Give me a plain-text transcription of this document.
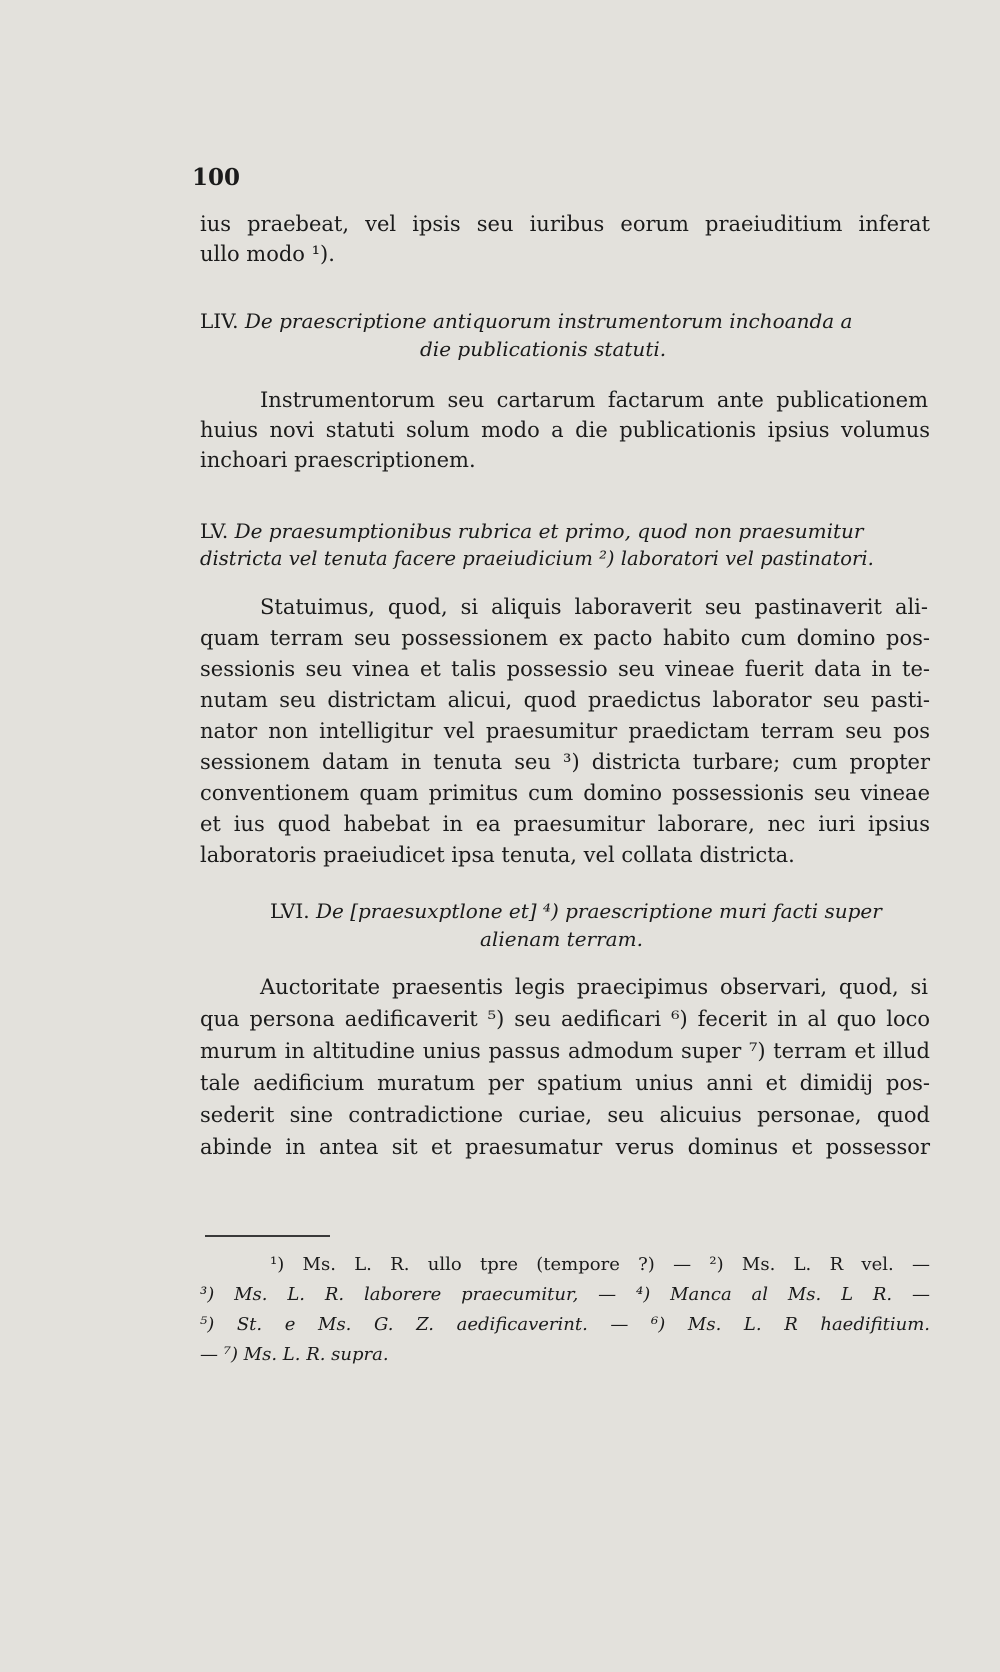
100
ius praebeat, vel ipsis seu iuribus eorum praeiuditium inferat
ullo modo ¹).
LIV. De praescriptione antiquorum instrumentorum inchoanda a
die publicationis statuti.
Instrumentorum seu cartarum factarum ante publicationem
huius novi statuti solum modo a die publicationis ipsius volumus
inchoari praescriptionem.
LV. De praesumptionibus rubrica et primo, quod non praesumitur
districta vel tenuta facere praeiudicium ²) laboratori vel pastinatori.
Statuimus, quod, si aliquis laboraverit seu pastinaverit ali-
quam terram seu possessionem ex pacto habito cum domino pos-
sessionis seu vinea et talis possessio seu vineae fuerit data in te-
nutam seu districtam alicui, quod praedictus laborator seu pasti-
nator non intelligitur vel praesumitur praedictam terram seu pos
sessionem datam in tenuta seu ³) districta turbare; cum propter
conventionem quam primitus cum domino possessionis seu vineae
et ius quod habebat in ea praesumitur laborare, nec iuri ipsius
laboratoris praeiudicet ipsa tenuta, vel collata districta.
LVI. De [praesuxptlone et] ⁴) praescriptione muri facti super
alienam terram.
Auctoritate praesentis legis praecipimus observari, quod, si
qua persona aedificaverit ⁵) seu aedificari ⁶) fecerit in al quo loco
murum in altitudine unius passus admodum super ⁷) terram et illud
tale aedificium muratum per spatium unius anni et dimidij pos-
sederit sine contradictione curiae, seu alicuius personae, quod
abinde in antea sit et praesumatur verus dominus et possessor
¹) Ms. L. R. ullo tpre (tempore ?) — ²) Ms. L. R vel. —
³) Ms. L. R. laborere praecumitur, — ⁴) Manca al Ms. L R. —
⁵) St. e Ms. G. Z. aedificaverint. — ⁶) Ms. L. R haedifitium.
— ⁷) Ms. L. R. supra.
